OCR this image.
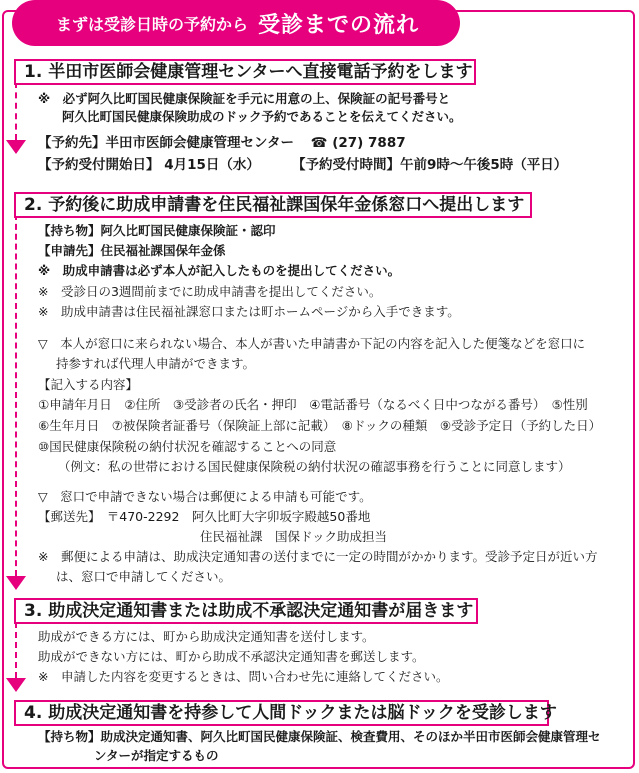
まずは受診日時の予約から 受診までの流れ
1. 半田市医師会健康管理センターへ直接電話予約をします
※　必ず阿久比町国民健康保険証を手元に用意の上、保険証の記号番号と
阿久比町国民健康保険助成のドック予約であることを伝えてください。
【予約先】半田市医師会健康管理センター ☎ (27) 7887
【予約受付開始日】 4月15日（水） 【予約受付時間】午前9時〜午後5時（平日）
2. 予約後に助成申請書を住民福祉課国保年金係窓口へ提出します
【持ち物】阿久比町国民健康保険証・認印
【申請先】住民福祉課国保年金係
※　助成申請書は必ず本人が記入したものを提出してください。
※　受診日の3週間前までに助成申請書を提出してください。
※　助成申請書は住民福祉課窓口または町ホームページから入手できます。
▽　本人が窓口に来られない場合、本人が書いた申請書か下記の内容を記入した便箋などを窓口に
持参すれば代理人申請ができます。
【記入する内容】
①申請年月日　②住所　③受診者の氏名・押印　④電話番号（なるべく日中つながる番号）　⑤性別
⑥生年月日　⑦被保険者証番号（保険証上部に記載）　⑧ドックの種類　⑨受診予定日（予約した日）
⑩国民健康保険税の納付状況を確認することへの同意
（例文：私の世帯における国民健康保険税の納付状況の確認事務を行うことに同意します）
▽　窓口で申請できない場合は郵便による申請も可能です。
【郵送先】　〒470-2292　阿久比町大字卯坂字殿越50番地
住民福祉課　国保ドック助成担当
※　郵便による申請は、助成決定通知書の送付までに一定の時間がかかります。受診予定日が近い方
は、窓口で申請してください。
3. 助成決定通知書または助成不承認決定通知書が届きます
助成ができる方には、町から助成決定通知書を送付します。
助成ができない方には、町から助成不承認決定通知書を郵送します。
※　申請した内容を変更するときは、問い合わせ先に連絡してください。
4. 助成決定通知書を持参して人間ドックまたは脳ドックを受診します
【持ち物】助成決定通知書、阿久比町国民健康保険証、検査費用、そのほか半田市医師会健康管理セ
ンターが指定するもの
